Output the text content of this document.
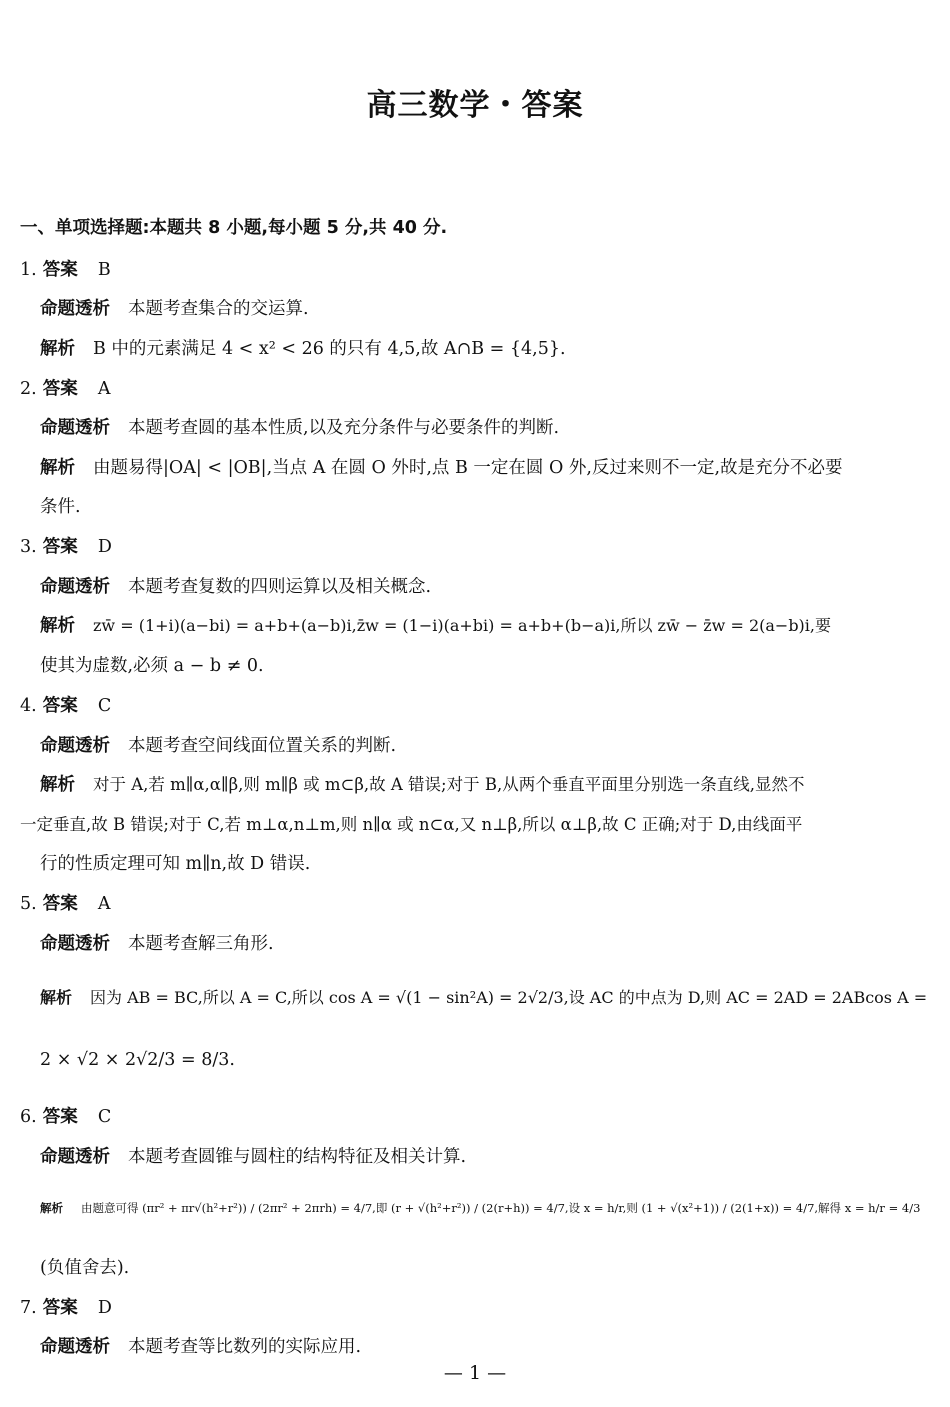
高三数学・答案
一、单项选择题:本题共 8 小题,每小题 5 分,共 40 分.
1. 答案 B
命题透析 本题考查集合的交运算.
解析 B 中的元素满足 4 < x² < 26 的只有 4,5,故 A∩B = {4,5}.
2. 答案 A
命题透析 本题考查圆的基本性质,以及充分条件与必要条件的判断.
解析 由题易得|OA| < |OB|,当点 A 在圆 O 外时,点 B 一定在圆 O 外,反过来则不一定,故是充分不必要
条件.
3. 答案 D
命题透析 本题考查复数的四则运算以及相关概念.
解析 zw̄ = (1+i)(a−bi) = a+b+(a−b)i,z̄w = (1−i)(a+bi) = a+b+(b−a)i,所以 zw̄ − z̄w = 2(a−b)i,要
使其为虚数,必须 a − b ≠ 0.
4. 答案 C
命题透析 本题考查空间线面位置关系的判断.
解析 对于 A,若 m∥α,α∥β,则 m∥β 或 m⊂β,故 A 错误;对于 B,从两个垂直平面里分别选一条直线,显然不
一定垂直,故 B 错误;对于 C,若 m⊥α,n⊥m,则 n∥α 或 n⊂α,又 n⊥β,所以 α⊥β,故 C 正确;对于 D,由线面平
行的性质定理可知 m∥n,故 D 错误.
5. 答案 A
命题透析 本题考查解三角形.
解析 因为 AB = BC,所以 A = C,所以 cos A = √(1 − sin²A) = 2√2/3,设 AC 的中点为 D,则 AC = 2AD = 2ABcos A =
2 × √2 × 2√2/3 = 8/3.
6. 答案 C
命题透析 本题考查圆锥与圆柱的结构特征及相关计算.
解析 由题意可得 (πr² + πr√(h²+r²)) / (2πr² + 2πrh) = 4/7,即 (r + √(h²+r²)) / (2(r+h)) = 4/7,设 x = h/r,则 (1 + √(x²+1)) / (2(1+x)) = 4/7,解得 x = h/r = 4/3
(负值舍去).
7. 答案 D
命题透析 本题考查等比数列的实际应用.
— 1 —
